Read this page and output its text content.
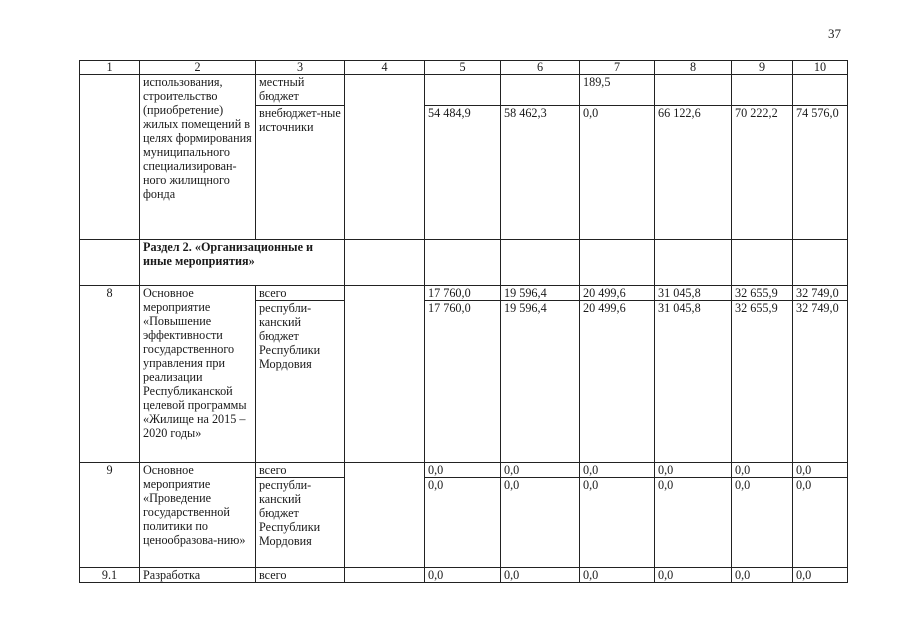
37
1	2	3	4	5	6	7	8	9	10
	использования, строительство (приобретение) жилых помещений в целях формирования муниципального специализирован-ного жилищного фонда	местный бюджет				189,5			
		внебюджет-ные источники		54 484,9	58 462,3	0,0	66 122,6	70 222,2	74 576,0
	Раздел 2. «Организационные и иные мероприятия»								
8	Основное мероприятие «Повышение эффективности государственного управления при реализации Республиканской целевой программы «Жилище на 2015 – 2020 годы»	всего		17 760,0	19 596,4	20 499,6	31 045,8	32 655,9	32 749,0
		республи-канский бюджет Республики Мордовия		17 760,0	19 596,4	20 499,6	31 045,8	32 655,9	32 749,0
9	Основное мероприятие «Проведение государственной политики по ценообразова-нию»	всего		0,0	0,0	0,0	0,0	0,0	0,0
		республи-канский бюджет Республики Мордовия		0,0	0,0	0,0	0,0	0,0	0,0
9.1	Разработка	всего		0,0	0,0	0,0	0,0	0,0	0,0
